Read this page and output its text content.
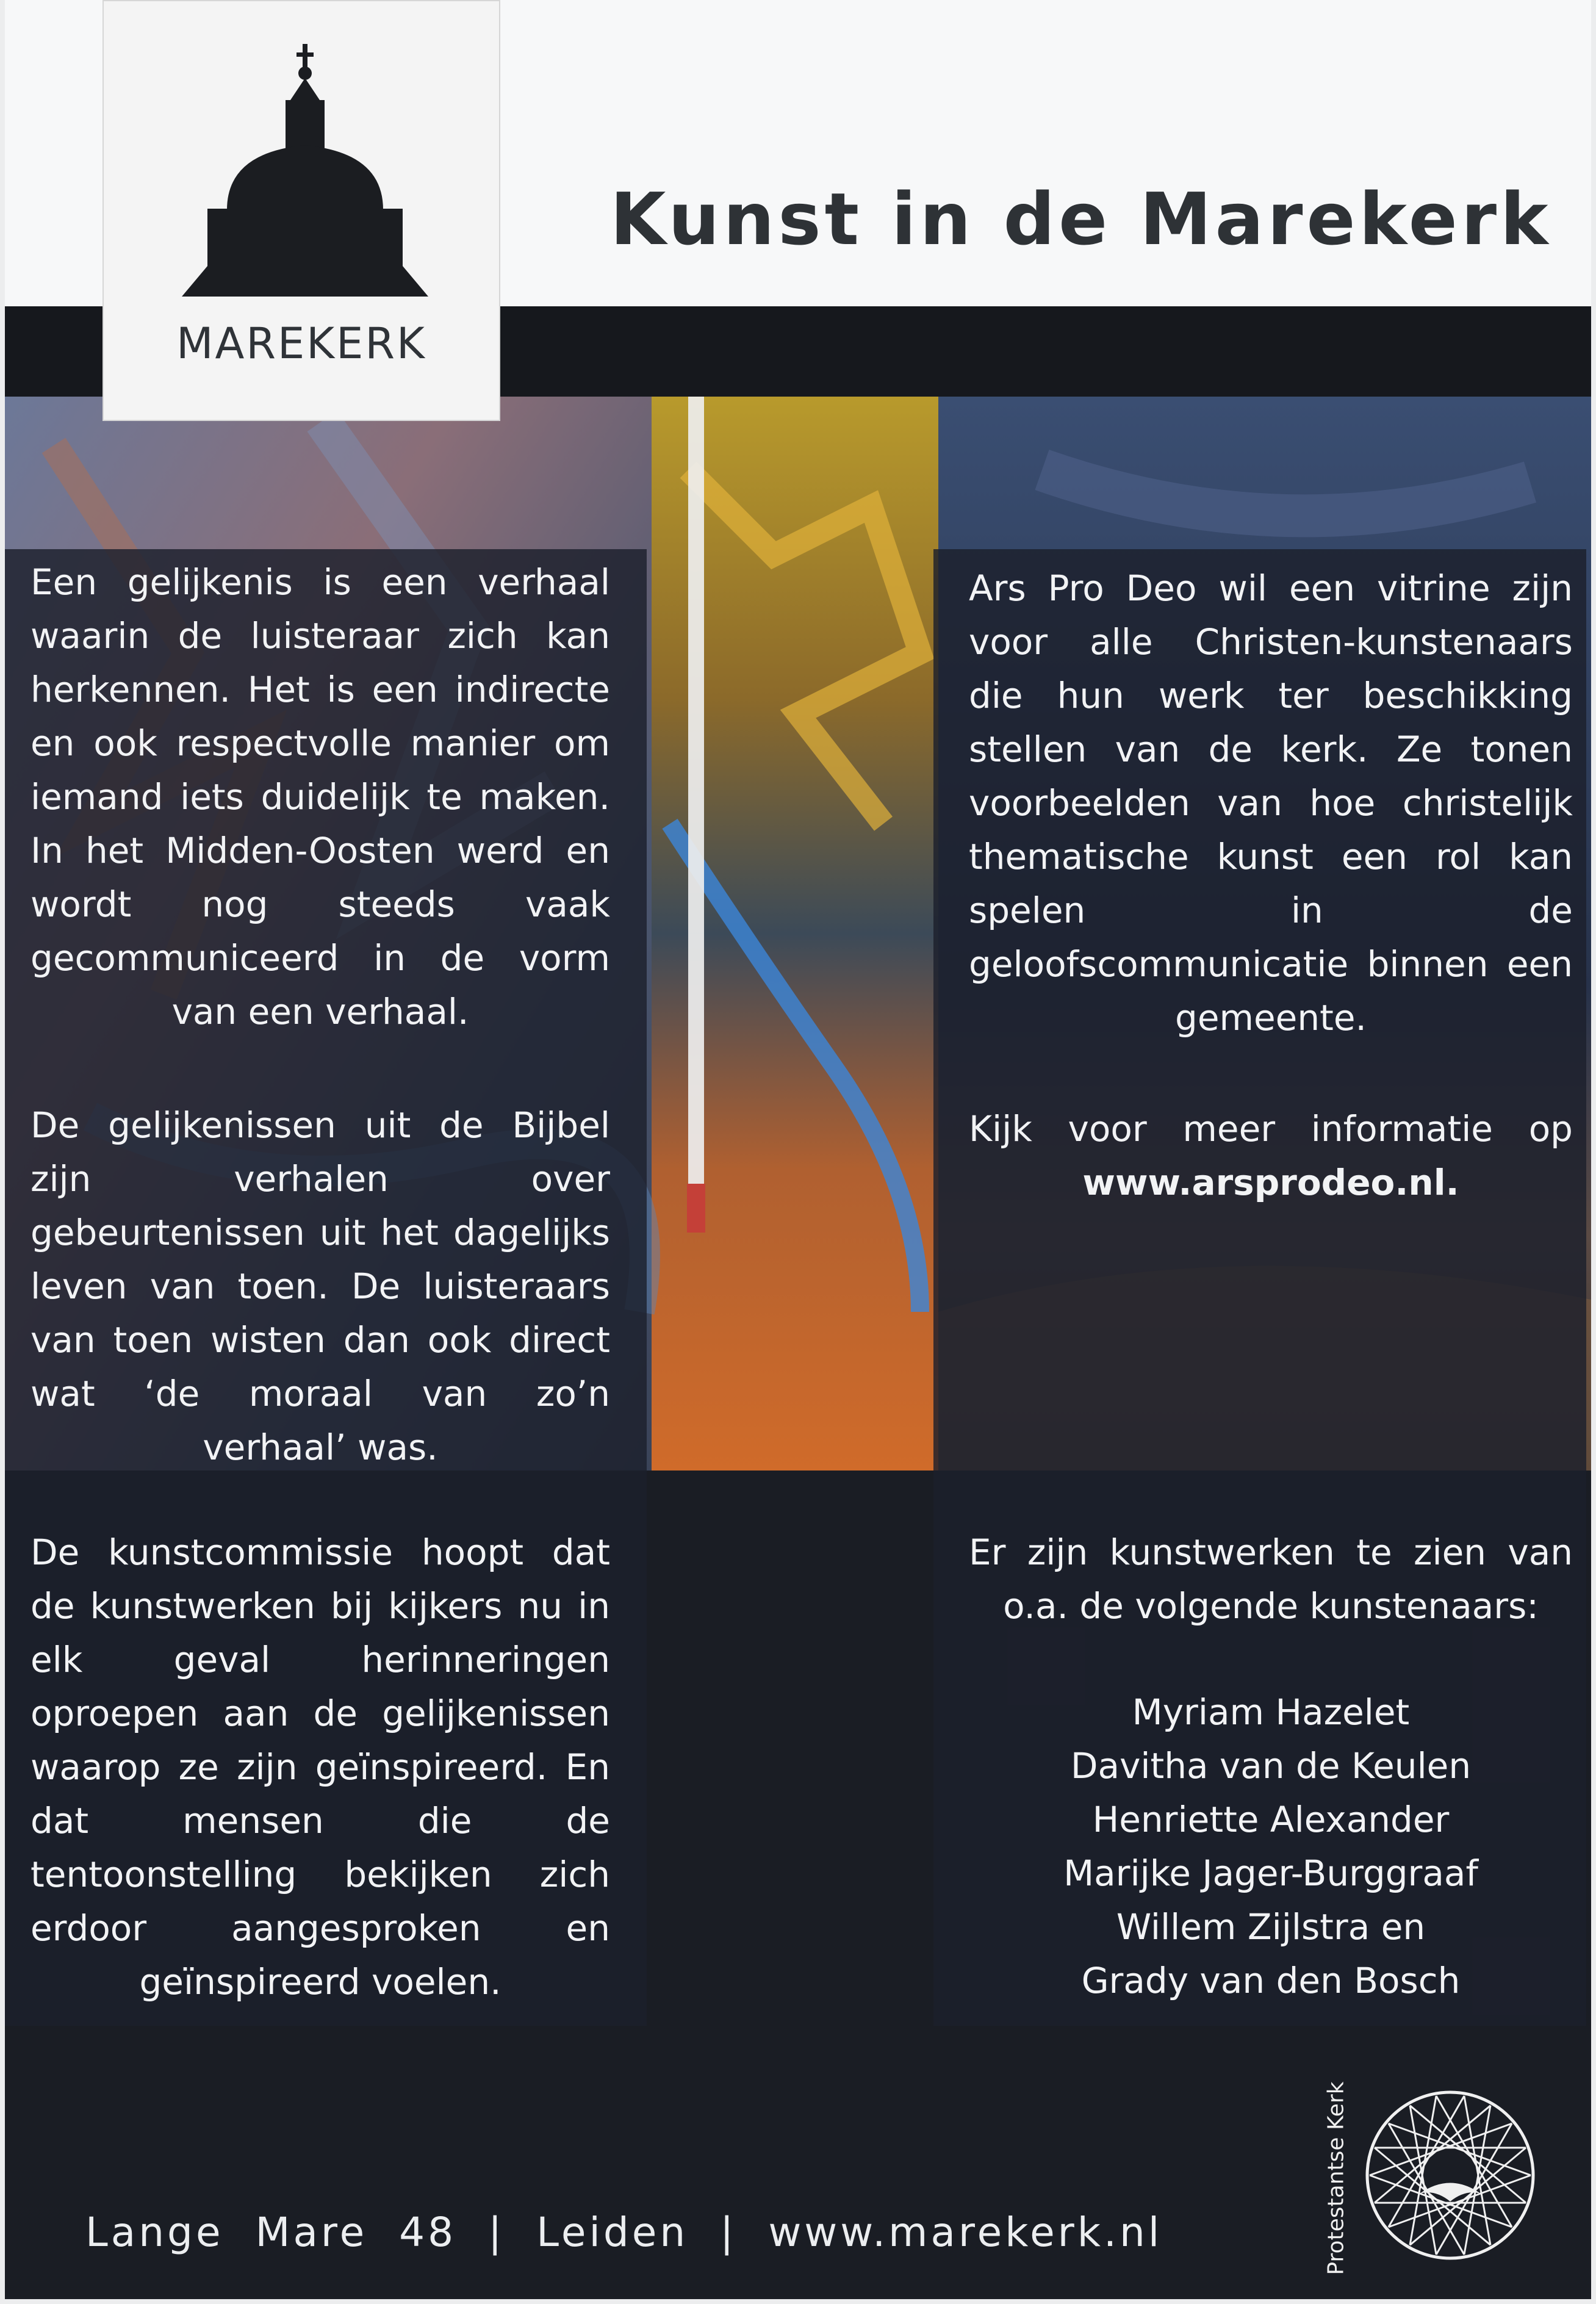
MAREKERK
Kunst in de Marekerk

Een gelijkenis is een verhaal waarin de luisteraar zich kan herkennen. Het is een indirecte en ook respectvolle manier om iemand iets duidelijk te maken. In het Midden-Oosten werd en wordt nog steeds vaak gecommuniceerd in de vorm van een verhaal.

De gelijkenissen uit de Bijbel zijn verhalen over gebeurtenissen uit het dagelijks leven van toen. De luisteraars van toen wisten dan ook direct wat ‘de moraal van zo’n verhaal’ was.

De kunstcommissie hoopt dat de kunstwerken bij kijkers nu in elk geval herinneringen oproepen aan de gelijkenissen waarop ze zijn geïnspireerd. En dat mensen die de tentoonstelling bekijken zich erdoor aangesproken en geïnspireerd voelen.

Ars Pro Deo wil een vitrine zijn voor alle Christen-kunstenaars die hun werk ter beschikking stellen van de kerk. Ze tonen voorbeelden van hoe christelijk thematische kunst een rol kan spelen in de geloofscommunicatie binnen een gemeente.

Kijk voor meer informatie op www.arsprodeo.nl.

Er zijn kunstwerken te zien van o.a. de volgende kunstenaars:

Myriam Hazelet
Davitha van de Keulen
Henriette Alexander
Marijke Jager-Burggraaf
Willem Zijlstra en
Grady van den Bosch
Lange  Mare  48  |  Leiden  |  www.marekerk.nl	Protestantse Kerk
